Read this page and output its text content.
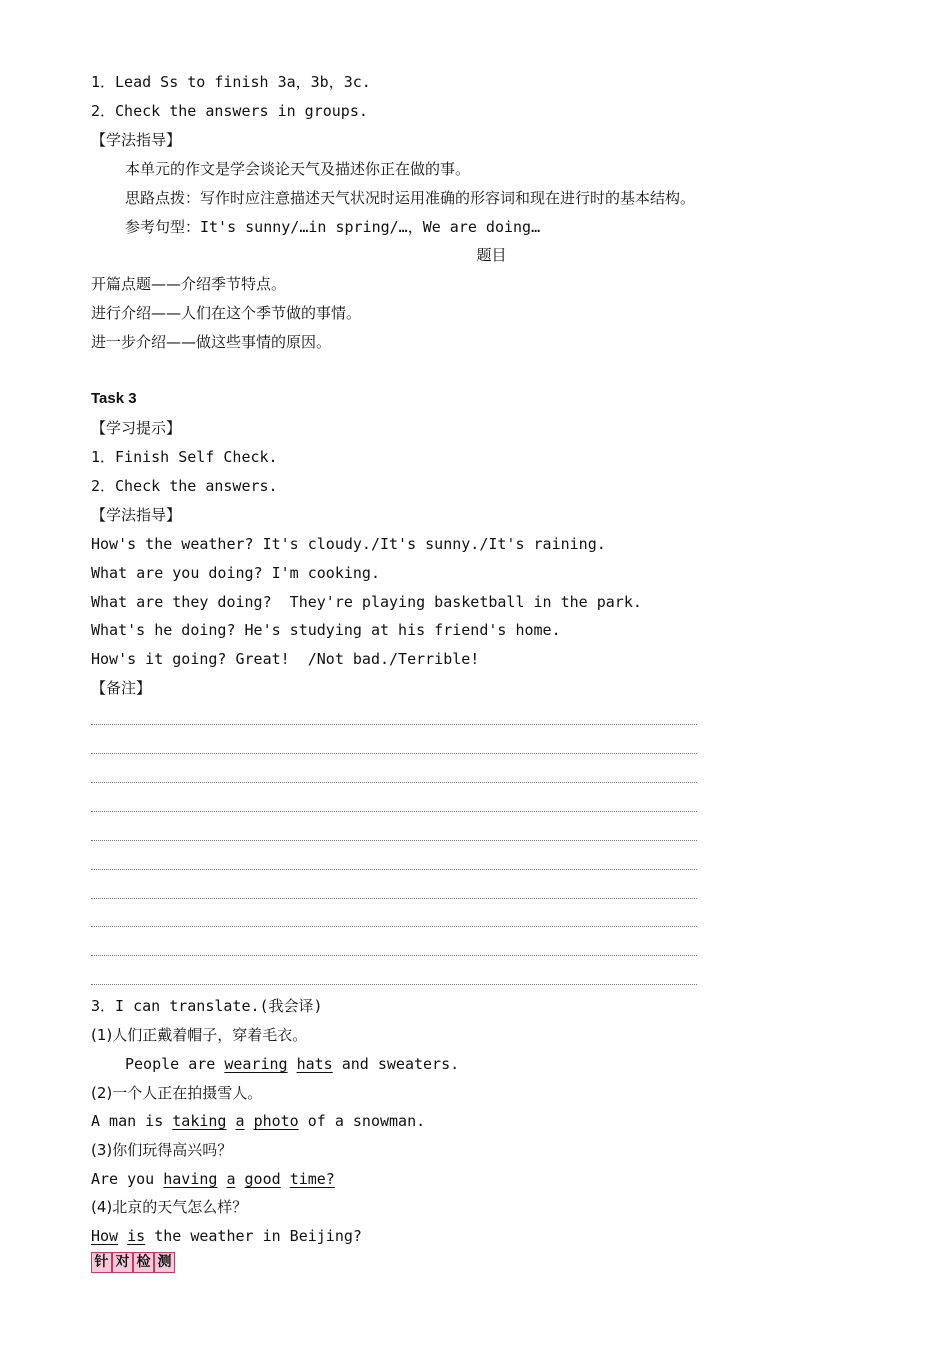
1．Lead Ss to finish 3a，3b，3c.
2．Check the answers in groups.
【学法指导】
本单元的作文是学会谈论天气及描述你正在做的事。
思路点拨：写作时应注意描述天气状况时运用准确的形容词和现在进行时的基本结构。
参考句型：It's sunny/…in spring/…，We are doing…
题目
开篇点题——介绍季节特点。
进行介绍——人们在这个季节做的事情。
进一步介绍——做这些事情的原因。
Task 3
【学习提示】
1．Finish Self Check.
2．Check the answers.
【学法指导】
How's the weather? It's cloudy./It's sunny./It's raining.
What are you doing? I'm cooking.
What are they doing?  They're playing basketball in the park.
What's he doing? He's studying at his friend's home.
How's it going? Great!  /Not bad./Terrible!
【备注】
3．I can translate.(我会译)
(1)人们正戴着帽子，穿着毛衣。
People are wearing hats and sweaters.
(2)一个人正在拍摄雪人。
A man is taking a photo of a snowman.
(3)你们玩得高兴吗？
Are you having a good time?
(4)北京的天气怎么样？
How is the weather in Beijing?
针 对 检 测
